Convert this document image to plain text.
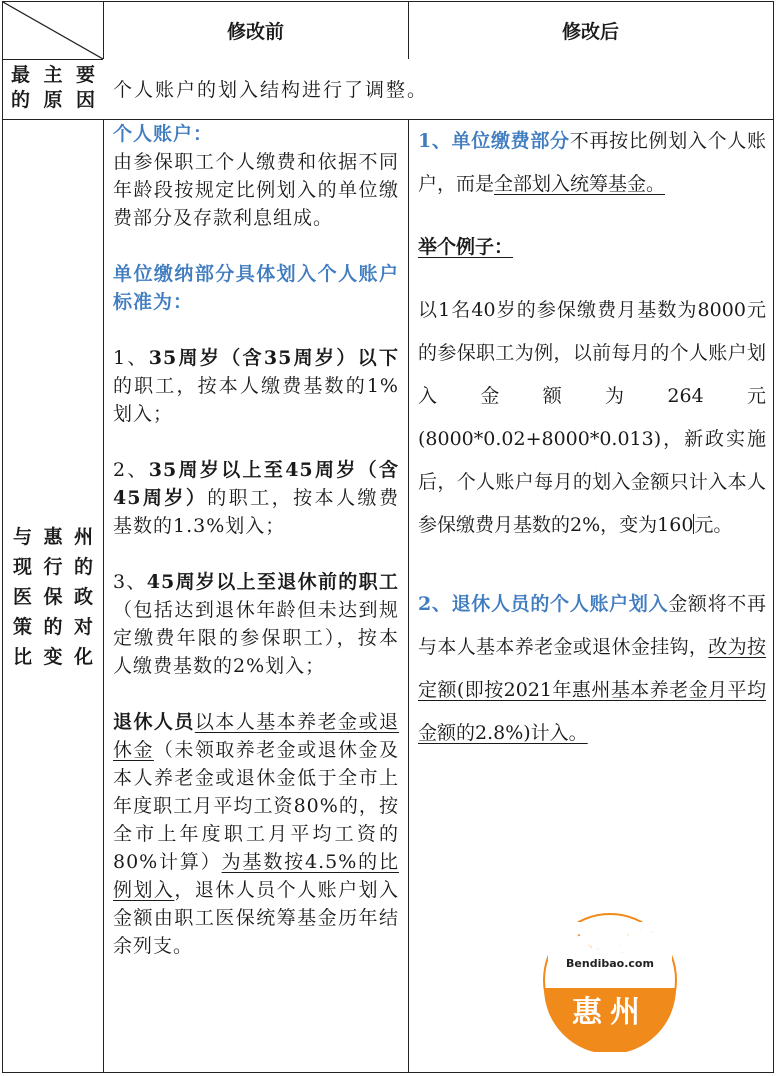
修改前	修改后
最主要
的原因 个人账户的划入结构进行了调整。
与惠州
现行的
医保政
策的对
比变化

个人账户：

由参保职工个人缴费和依据不同年龄段按规定比例划入的单位缴费部分及存款利息组成。

单位缴纳部分具体划入个人账户标准为：

1、35周岁（含35周岁）以下的职工，按本人缴费基数的1%划入；

2、35周岁以上至45周岁（含45周岁）的职工，按本人缴费基数的1.3%划入；

3、45周岁以上至退休前的职工（包括达到退休年龄但未达到规定缴费年限的参保职工），按本人缴费基数的2%划入；

退休人员以本人基本养老金或退休金（未领取养老金或退休金及本人养老金或退休金低于全市上年度职工月平均工资80%的，按全市上年度职工月平均工资的80%计算）为基数按4.5%的比例划入，退休人员个人账户划入金额由职工医保统筹基金历年结余列支。

1、单位缴费部分不再按比例划入个人账户，而是全部划入统筹基金。

举个例子：

以1名40岁的参保缴费月基数为8000元的参保职工为例，以前每月的个人账户划入金额为264元(8000*0.02+8000*0.013)，新政实施后，个人账户每月的划入金额只计入本人参保缴费月基数的2%，变为160元。

2、退休人员的个人账户划入金额将不再与本人基本养老金或退休金挂钩，改为按定额(即按2021年惠州基本养老金月平均金额的2.8%)计入。

本地宝
Bendibao.com
惠州
